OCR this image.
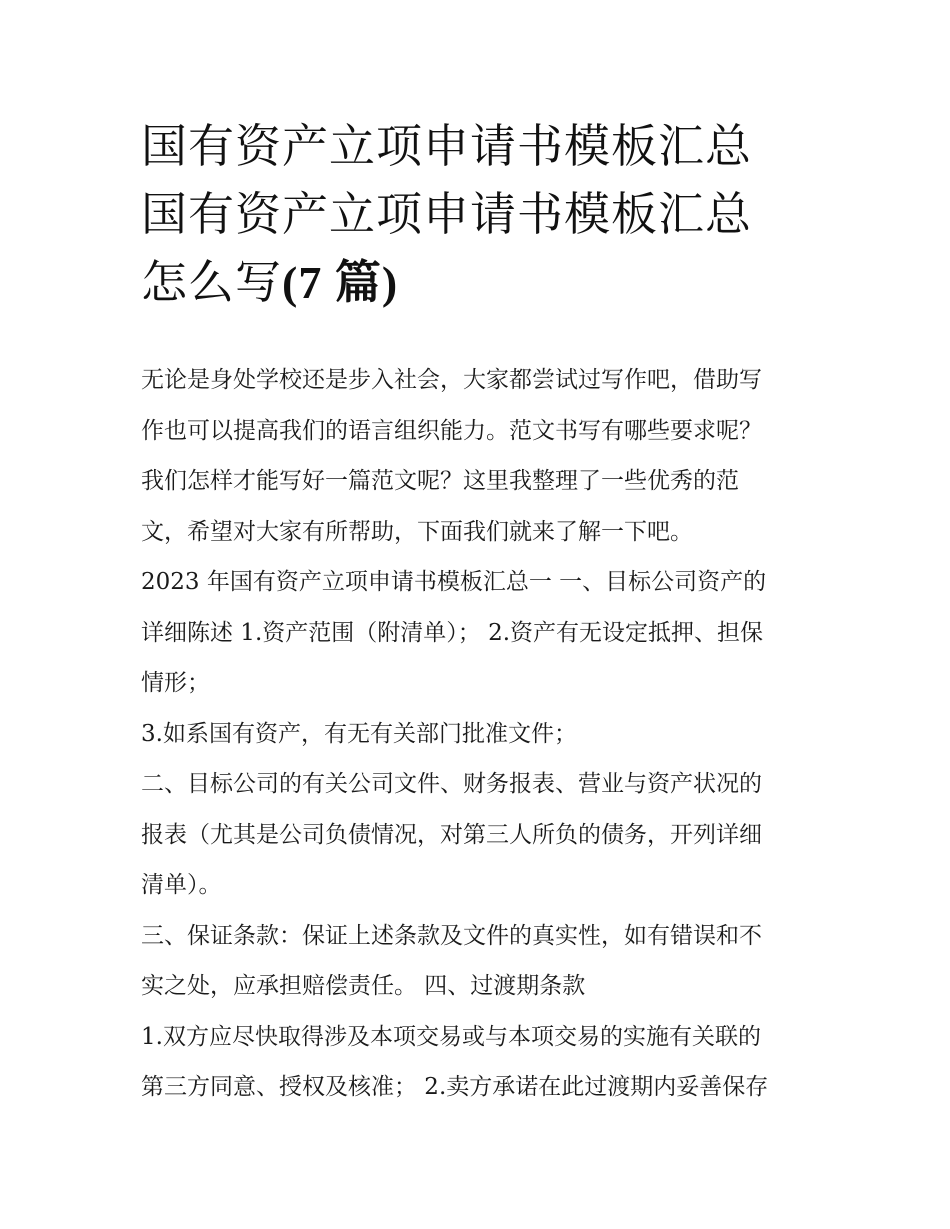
国有资产立项申请书模板汇总
国有资产立项申请书模板汇总
怎么写(7 篇)
无论是身处学校还是步入社会，大家都尝试过写作吧，借助写
作也可以提高我们的语言组织能力。范文书写有哪些要求呢？
我们怎样才能写好一篇范文呢？这里我整理了一些优秀的范
文，希望对大家有所帮助，下面我们就来了解一下吧。
2023 年国有资产立项申请书模板汇总一 一、目标公司资产的
详细陈述 1.资产范围（附清单）； 2.资产有无设定抵押、担保
情形；
3.如系国有资产，有无有关部门批准文件；
二、目标公司的有关公司文件、财务报表、营业与资产状况的
报表（尤其是公司负债情况，对第三人所负的债务，开列详细
清单）。
三、保证条款：保证上述条款及文件的真实性，如有错误和不
实之处，应承担赔偿责任。 四、过渡期条款
1.双方应尽快取得涉及本项交易或与本项交易的实施有关联的
第三方同意、授权及核准； 2.卖方承诺在此过渡期内妥善保存
